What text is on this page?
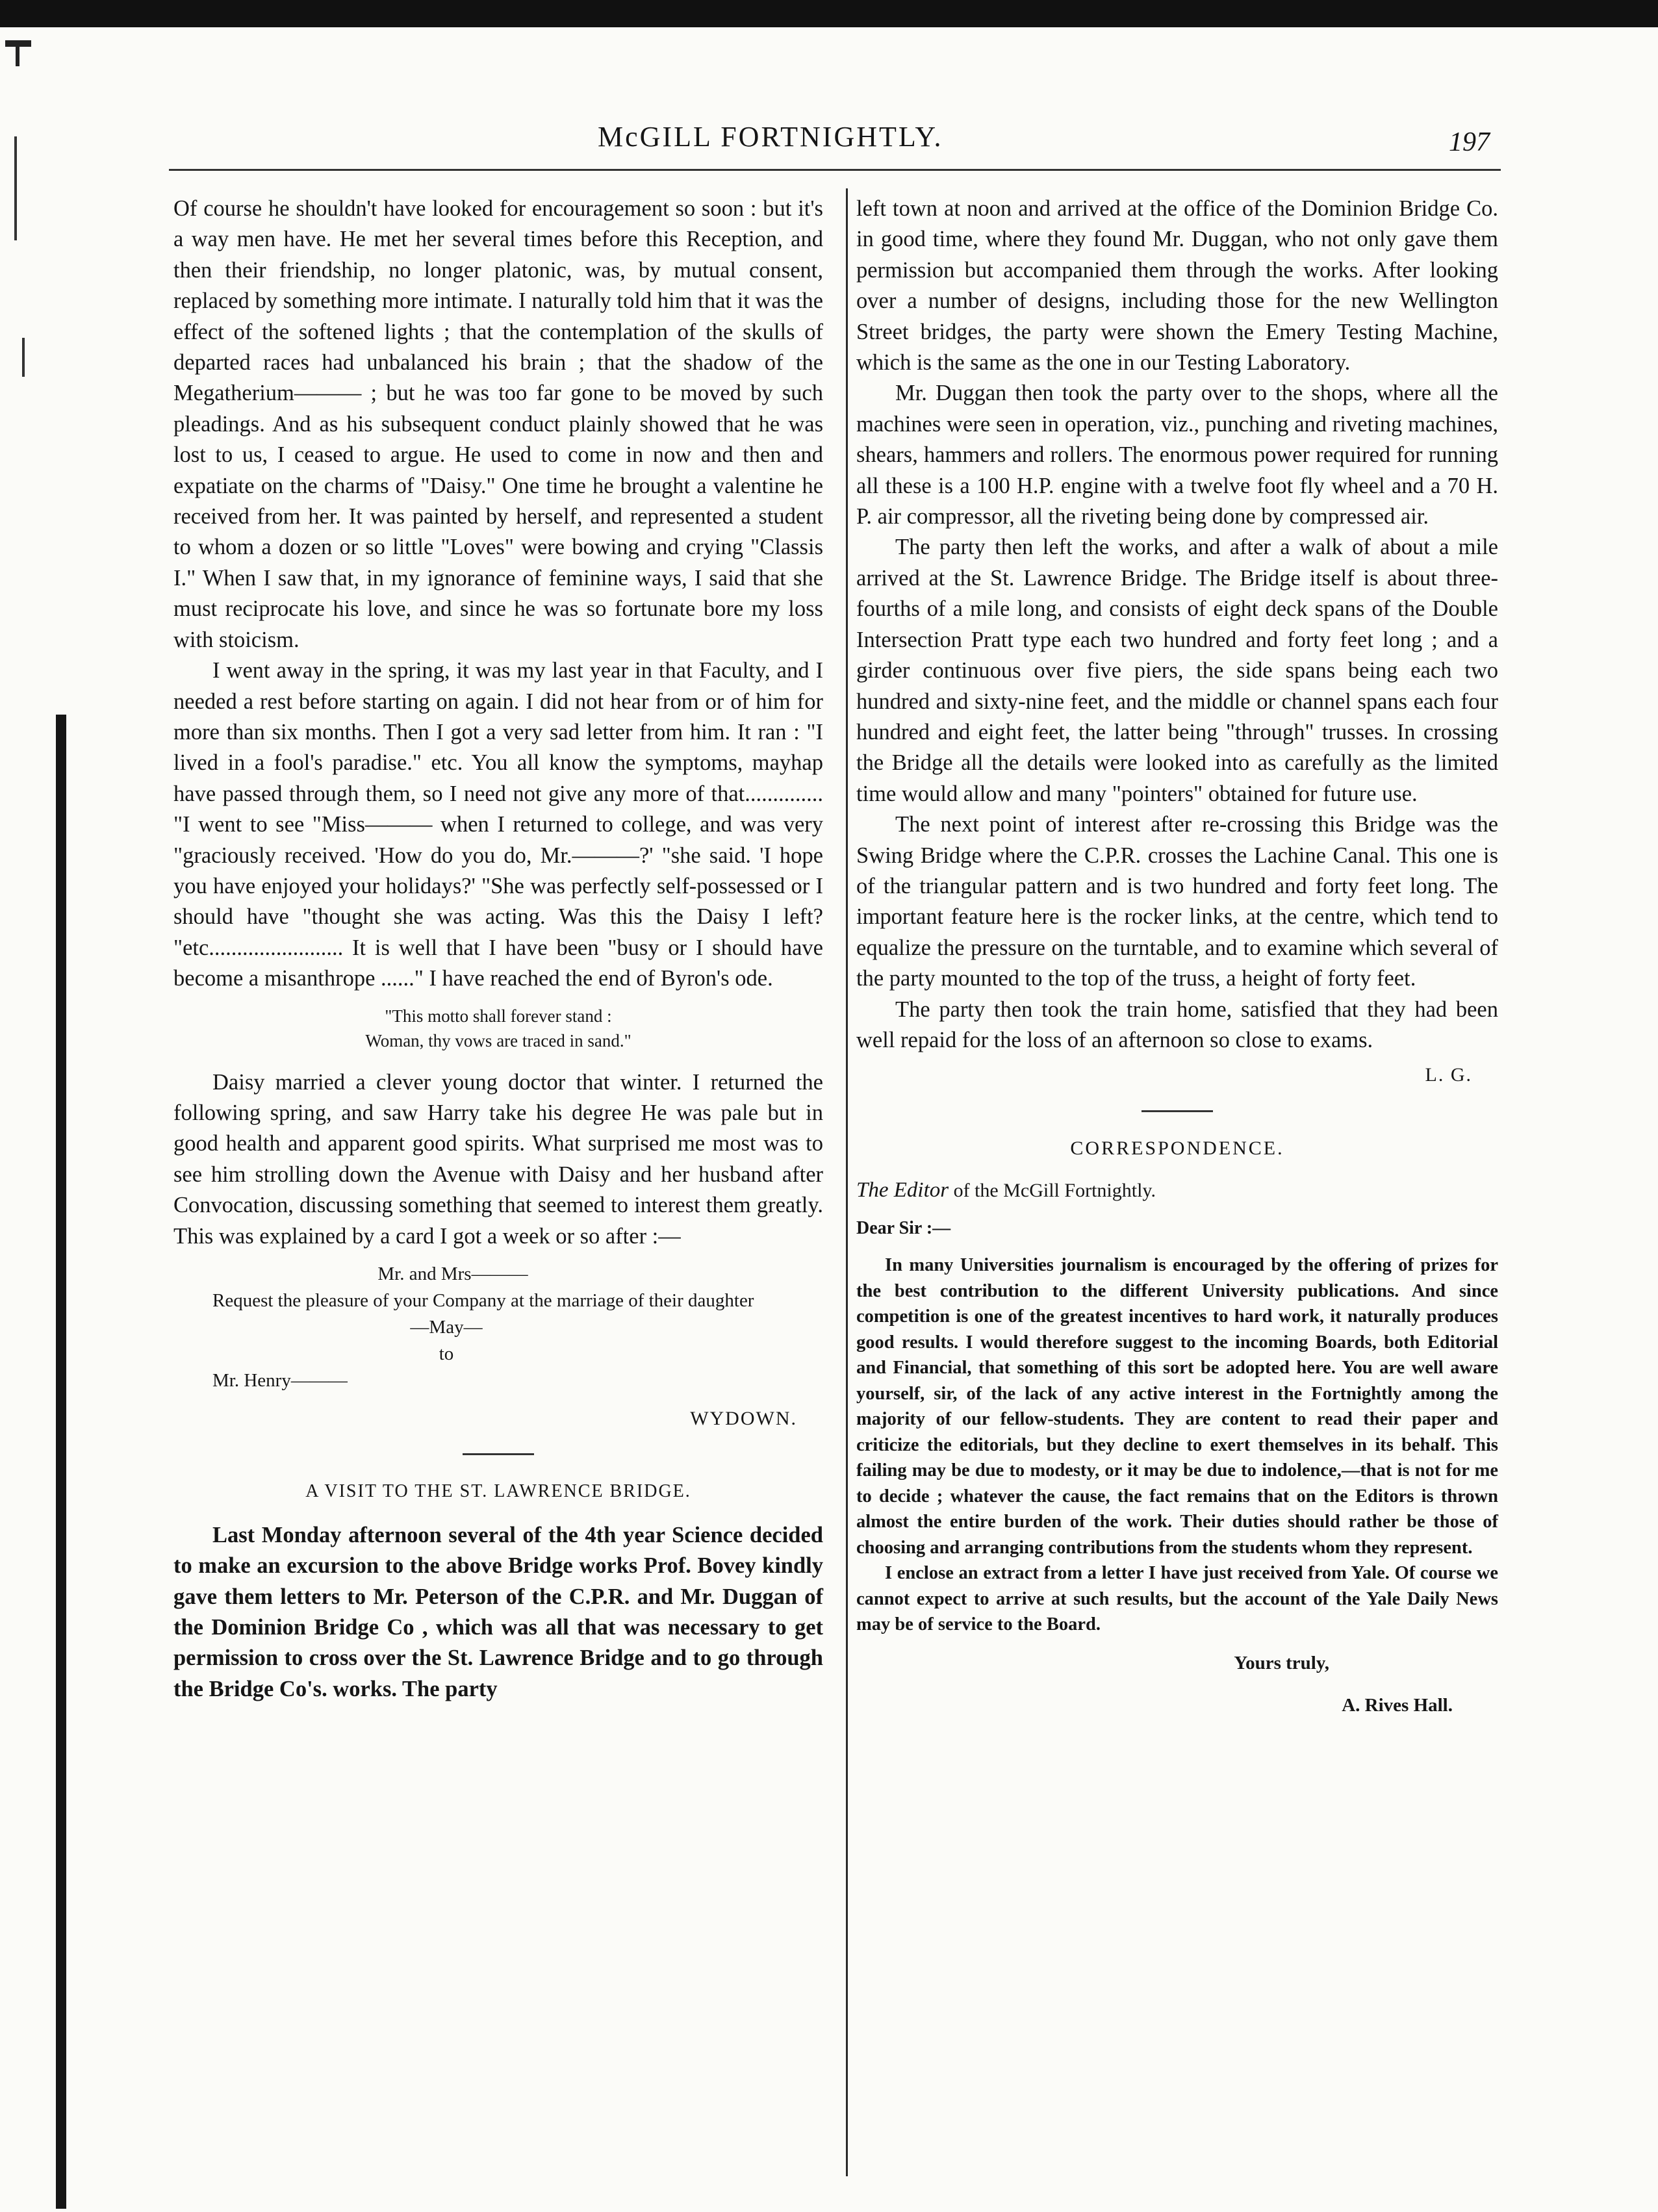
McGILL FORTNIGHTLY.	197

Of course he shouldn't have looked for encouragement so soon : but it's a way men have. He met her several times before this Reception, and then their friendship, no longer platonic, was, by mutual consent, replaced by something more intimate. I naturally told him that it was the effect of the softened lights ; that the contemplation of the skulls of departed races had unbalanced his brain ; that the shadow of the Megatherium——— ; but he was too far gone to be moved by such pleadings. And as his subsequent conduct plainly showed that he was lost to us, I ceased to argue. He used to come in now and then and expatiate on the charms of "Daisy." One time he brought a valentine he received from her. It was painted by herself, and represented a student to whom a dozen or so little "Loves" were bowing and crying "Classis I." When I saw that, in my ignorance of feminine ways, I said that she must reciprocate his love, and since he was so fortunate bore my loss with stoicism.

I went away in the spring, it was my last year in that Faculty, and I needed a rest before starting on again. I did not hear from or of him for more than six months. Then I got a very sad letter from him. It ran : "I lived in a fool's paradise." etc. You all know the symptoms, mayhap have passed through them, so I need not give any more of that.............. "I went to see "Miss——— when I returned to college, and was very "graciously received. 'How do you do, Mr.———?' "she said. 'I hope you have enjoyed your holidays?' "She was perfectly self-possessed or I should have "thought she was acting. Was this the Daisy I left? "etc........................ It is well that I have been "busy or I should have become a misanthrope ......" I have reached the end of Byron's ode.

"This motto shall forever stand :
Woman, thy vows are traced in sand."

Daisy married a clever young doctor that winter. I returned the following spring, and saw Harry take his degree He was pale but in good health and apparent good spirits. What surprised me most was to see him strolling down the Avenue with Daisy and her husband after Convocation, discussing something that seemed to interest them greatly. This was explained by a card I got a week or so after :—

Mr. and Mrs———
Request the pleasure of your Company at the marriage of their daughter
—May—
to
Mr. Henry———
WYDOWN.
A VISIT TO THE ST. LAWRENCE BRIDGE.

Last Monday afternoon several of the 4th year Science decided to make an excursion to the above Bridge works Prof. Bovey kindly gave them letters to Mr. Peterson of the C.P.R. and Mr. Duggan of the Dominion Bridge Co , which was all that was necessary to get permission to cross over the St. Lawrence Bridge and to go through the Bridge Co's. works. The party

left town at noon and arrived at the office of the Dominion Bridge Co. in good time, where they found Mr. Duggan, who not only gave them permission but accompanied them through the works. After looking over a number of designs, including those for the new Wellington Street bridges, the party were shown the Emery Testing Machine, which is the same as the one in our Testing Laboratory.

Mr. Duggan then took the party over to the shops, where all the machines were seen in operation, viz., punching and riveting machines, shears, hammers and rollers. The enormous power required for running all these is a 100 H.P. engine with a twelve foot fly wheel and a 70 H. P. air compressor, all the riveting being done by compressed air.

The party then left the works, and after a walk of about a mile arrived at the St. Lawrence Bridge. The Bridge itself is about three-fourths of a mile long, and consists of eight deck spans of the Double Intersection Pratt type each two hundred and forty feet long ; and a girder continuous over five piers, the side spans being each two hundred and sixty-nine feet, and the middle or channel spans each four hundred and eight feet, the latter being "through" trusses. In crossing the Bridge all the details were looked into as carefully as the limited time would allow and many "pointers" obtained for future use.

The next point of interest after re-crossing this Bridge was the Swing Bridge where the C.P.R. crosses the Lachine Canal. This one is of the triangular pattern and is two hundred and forty feet long. The important feature here is the rocker links, at the centre, which tend to equalize the pressure on the turntable, and to examine which several of the party mounted to the top of the truss, a height of forty feet.

The party then took the train home, satisfied that they had been well repaid for the loss of an afternoon so close to exams.

L. G.
CORRESPONDENCE.
The Editor of the McGill Fortnightly.
Dear Sir :—

In many Universities journalism is encouraged by the offering of prizes for the best contribution to the different University publications. And since competition is one of the greatest incentives to hard work, it naturally produces good results. I would therefore suggest to the incoming Boards, both Editorial and Financial, that something of this sort be adopted here. You are well aware yourself, sir, of the lack of any active interest in the Fortnightly among the majority of our fellow-students. They are content to read their paper and criticize the editorials, but they decline to exert themselves in its behalf. This failing may be due to modesty, or it may be due to indolence,—that is not for me to decide ; whatever the cause, the fact remains that on the Editors is thrown almost the entire burden of the work. Their duties should rather be those of choosing and arranging contributions from the students whom they represent.

I enclose an extract from a letter I have just received from Yale. Of course we cannot expect to arrive at such results, but the account of the Yale Daily News may be of service to the Board.

Yours truly,
A. Rives Hall.
